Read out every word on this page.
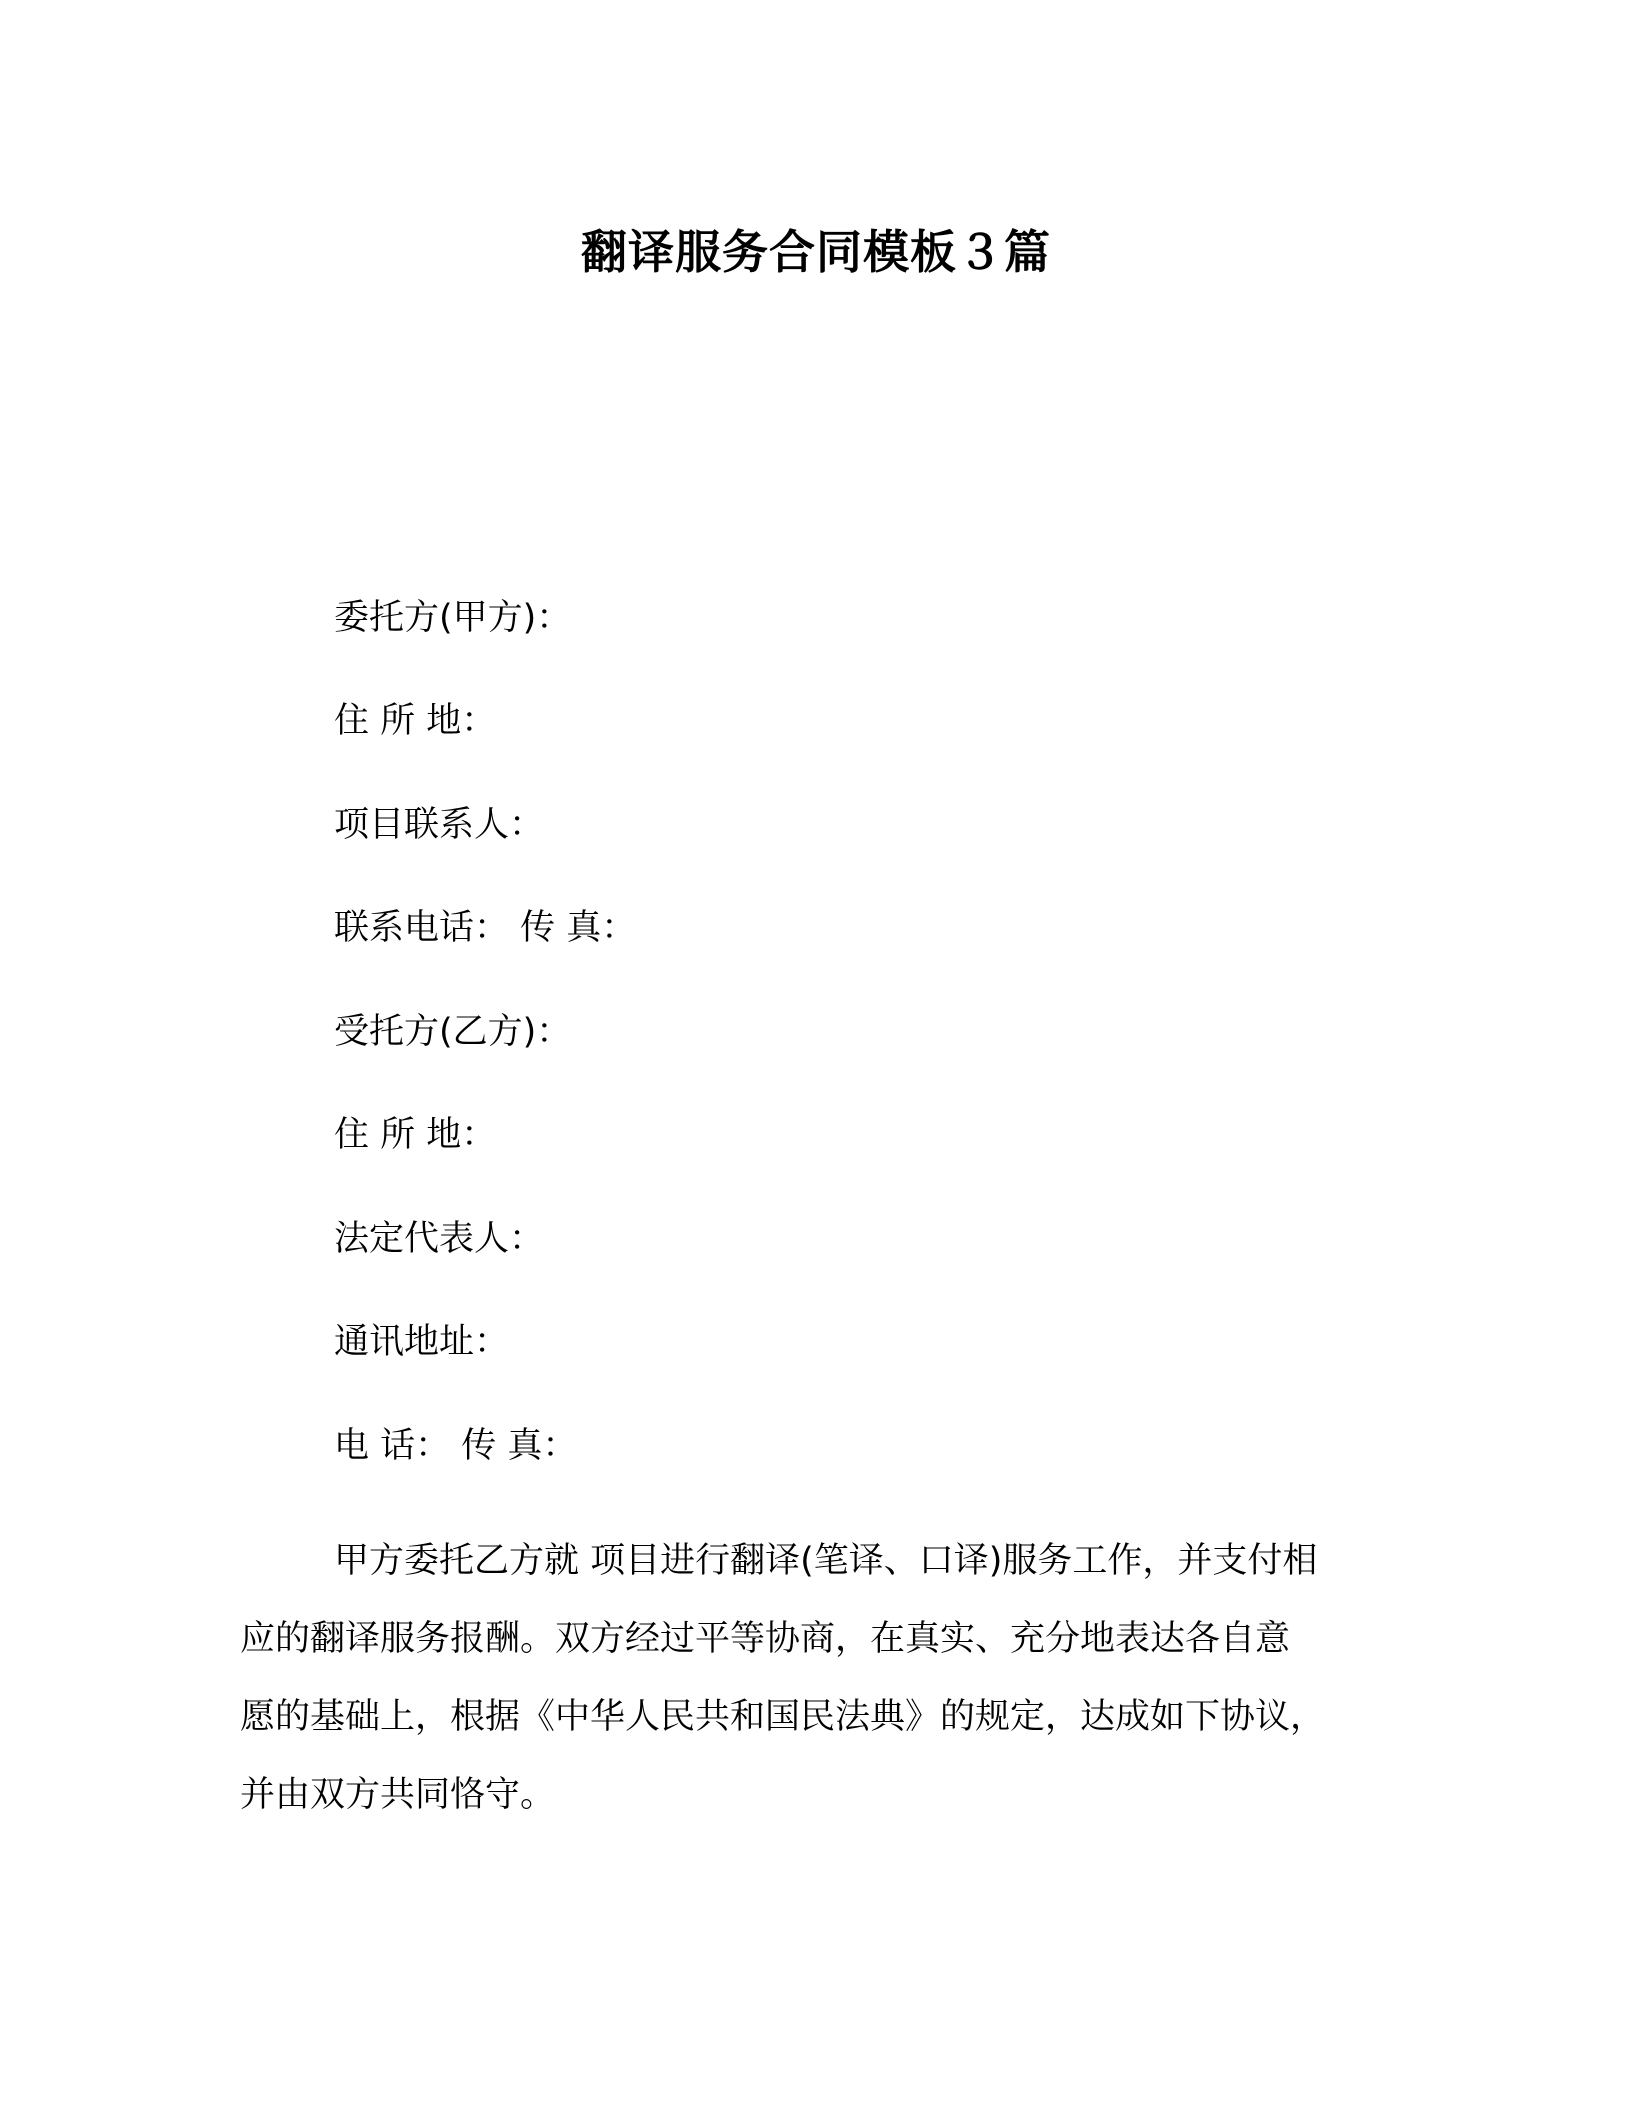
翻译服务合同模板３篇
委托方(甲方)：
住 所 地：
项目联系人：
联系电话： 传 真：
受托方(乙方)：
住 所 地：
法定代表人：
通讯地址：
电 话： 传 真：
甲方委托乙方就 项目进行翻译(笔译、口译)服务工作，并支付相
应的翻译服务报酬。双方经过平等协商，在真实、充分地表达各自意
愿的基础上，根据《中华人民共和国民法典》的规定，达成如下协议，
并由双方共同恪守。
